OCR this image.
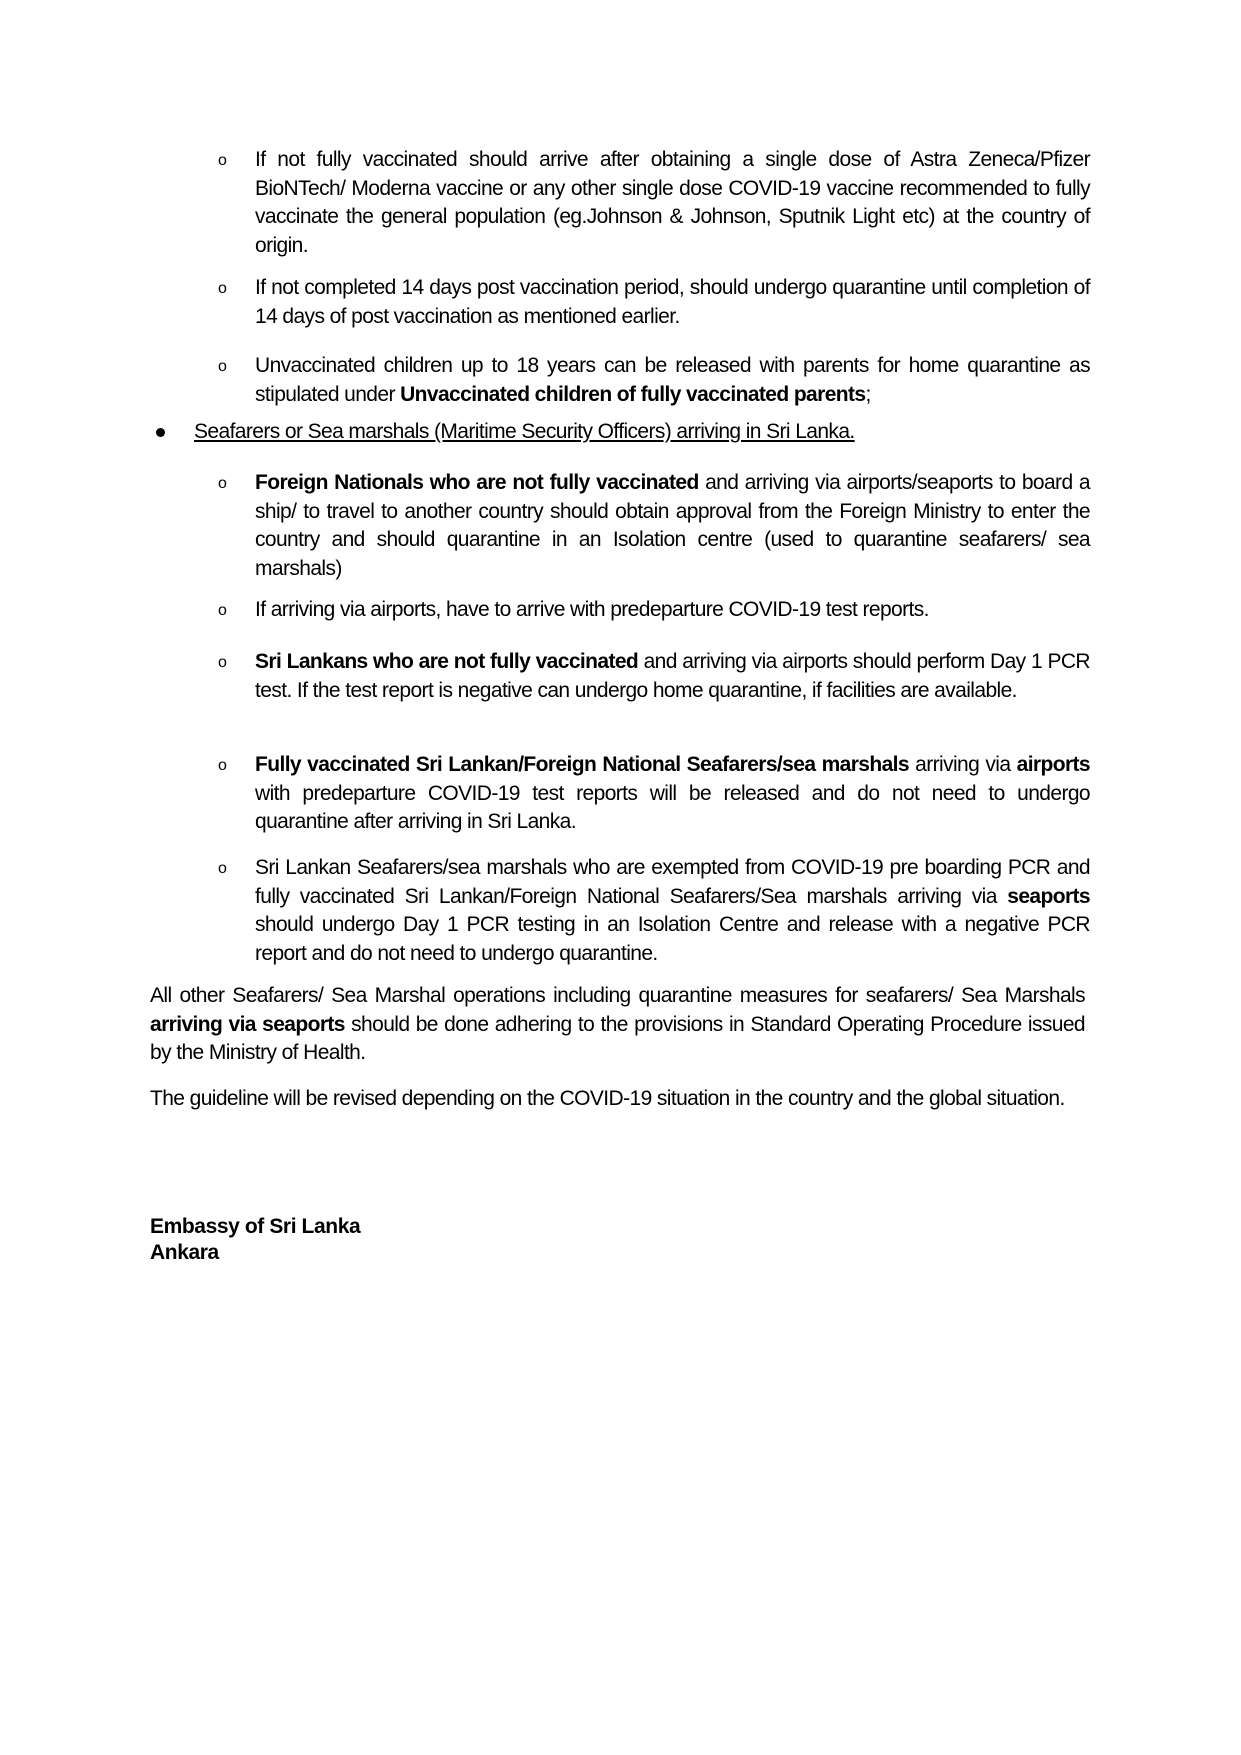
o If not fully vaccinated should arrive after obtaining a single dose of Astra Zeneca/Pfizer BioNTech/ Moderna vaccine or any other single dose COVID-19 vaccine recommended to fully vaccinate the general population (eg.Johnson & Johnson, Sputnik Light etc) at the country of origin.
o If not completed 14 days post vaccination period, should undergo quarantine until completion of 14 days of post vaccination as mentioned earlier.
o Unvaccinated children up to 18 years can be released with parents for home quarantine as stipulated under Unvaccinated children of fully vaccinated parents;
Seafarers or Sea marshals (Maritime Security Officers) arriving in Sri Lanka.
o Foreign Nationals who are not fully vaccinated and arriving via airports/seaports to board a ship/ to travel to another country should obtain approval from the Foreign Ministry to enter the country and should quarantine in an Isolation centre (used to quarantine seafarers/ sea marshals)
o If arriving via airports, have to arrive with predeparture COVID-19 test reports.
o Sri Lankans who are not fully vaccinated and arriving via airports should perform Day 1 PCR test. If the test report is negative can undergo home quarantine, if facilities are available.
o Fully vaccinated Sri Lankan/Foreign National Seafarers/sea marshals arriving via airports with predeparture COVID-19 test reports will be released and do not need to undergo quarantine after arriving in Sri Lanka.
o Sri Lankan Seafarers/sea marshals who are exempted from COVID-19 pre boarding PCR and fully vaccinated Sri Lankan/Foreign National Seafarers/Sea marshals arriving via seaports should undergo Day 1 PCR testing in an Isolation Centre and release with a negative PCR report and do not need to undergo quarantine.
All other Seafarers/ Sea Marshal operations including quarantine measures for seafarers/ Sea Marshals arriving via seaports should be done adhering to the provisions in Standard Operating Procedure issued by the Ministry of Health.
The guideline will be revised depending on the COVID-19 situation in the country and the global situation.
Embassy of Sri Lanka
Ankara
